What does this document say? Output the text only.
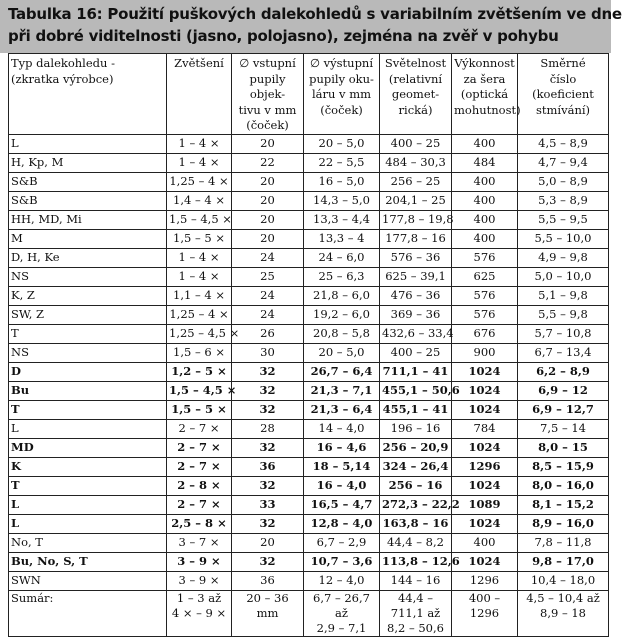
Tabulka 16: Použití puškových dalekohledů s variabilním zvětšením ve dne
při dobré viditelnosti (jasno, polojasno), zejména na zvěř v pohybu
Typ dalekohledu -
(zkratka výrobce)	Zvětšení	∅ vstupní
pupily objek-
tivu v mm
(čoček)	∅ výstupní
pupily oku-
láru v mm
(čoček)	Světelnost
(relativní
geomet-
rická)	Výkonnost
za šera
(optická
mohutnost)	Směrné
číslo
(koeficient
stmívání)
L	1 – 4 ×	20	20 – 5,0	400 – 25	400	4,5 – 8,9
H, Kp, M	1 – 4 ×	22	22 – 5,5	484 – 30,3	484	4,7 – 9,4
S&B	1,25 – 4 ×	20	16 – 5,0	256 – 25	400	5,0 – 8,9
S&B	1,4 – 4 ×	20	14,3 – 5,0	204,1 – 25	400	5,3 – 8,9
HH, MD, Mi	1,5 – 4,5 ×	20	13,3 – 4,4	177,8 – 19,8	400	5,5 – 9,5
M	1,5 – 5 ×	20	13,3 – 4	177,8 – 16	400	5,5 – 10,0
D, H, Ke	1 – 4 ×	24	24 – 6,0	576 – 36	576	4,9 – 9,8
NS	1 – 4 ×	25	25 – 6,3	625 – 39,1	625	5,0 – 10,0
K, Z	1,1 – 4 ×	24	21,8 – 6,0	476 – 36	576	5,1 – 9,8
SW, Z	1,25 – 4 ×	24	19,2 – 6,0	369 – 36	576	5,5 – 9,8
T	1,25 – 4,5 ×	26	20,8 – 5,8	432,6 – 33,4	676	5,7 – 10,8
NS	1,5 – 6 ×	30	20 – 5,0	400 – 25	900	6,7 – 13,4
D	1,2 – 5 ×	32	26,7 – 6,4	711,1 – 41	1024	6,2 – 8,9
Bu	1,5 – 4,5 ×	32	21,3 – 7,1	455,1 – 50,6	1024	6,9 – 12
T	1,5 – 5 ×	32	21,3 – 6,4	455,1 – 41	1024	6,9 – 12,7
L	2 – 7 ×	28	14 – 4,0	196 – 16	784	7,5 – 14
MD	2 – 7 ×	32	16 – 4,6	256 – 20,9	1024	8,0 – 15
K	2 – 7 ×	36	18 – 5,14	324 – 26,4	1296	8,5 – 15,9
T	2 – 8 ×	32	16 – 4,0	256 – 16	1024	8,0 – 16,0
L	2 – 7 ×	33	16,5 – 4,7	272,3 – 22,2	1089	8,1 – 15,2
L	2,5 – 8 ×	32	12,8 – 4,0	163,8 – 16	1024	8,9 – 16,0
No, T	3 – 7 ×	20	6,7 – 2,9	44,4 – 8,2	400	7,8 – 11,8
Bu, No, S, T	3 – 9 ×	32	10,7 – 3,6	113,8 – 12,6	1024	9,8 – 17,0
SWN	3 – 9 ×	36	12 – 4,0	144 – 16	1296	10,4 – 18,0
Sumár:	1 – 3 až
4 × – 9 ×	20 – 36 mm	6,7 – 26,7 až
2,9 – 7,1	44,4 – 711,1 až
8,2 – 50,6	400 – 1296	4,5 – 10,4 až
8,9 – 18
